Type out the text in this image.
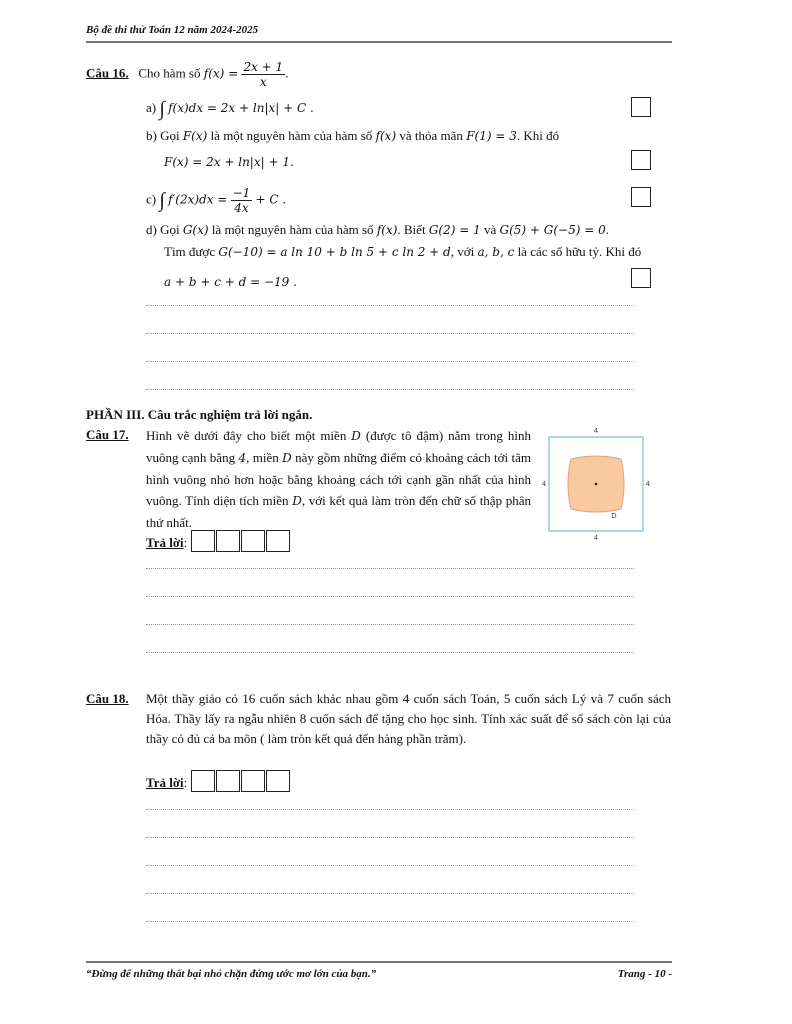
Bộ đề thi thử Toán 12 năm 2024-2025
Câu 16. Cho hàm số $f(x) = \frac{2x + 1}{x}$ .
a) ∫ f(x)dx = 2x + ln|x| + C .
b) Gọi F(x) là một nguyên hàm của hàm số f(x) và thỏa mãn F(1) = 3. Khi đó
F(x) = 2x + ln|x| + 1.
c) ∫ $f'(2x)dx = \frac{-1}{4x} + C$ .
d) Gọi G(x) là một nguyên hàm của hàm số f(x). Biết G(2) = 1 và G(5) + G(−5) = 0.
Tìm được G(−10) = a ln 10 + b ln 5 + c ln 2 + d, với a, b, c là các số hữu tỷ. Khi đó
a + b + c + d = −19 .
PHẦN III. Câu trắc nghiệm trả lời ngắn.
Câu 17. Hình vẽ dưới đây cho biết một miền D (được tô đậm) nằm trong hình vuông cạnh bằng 4, miền D này gồm những điểm có khoảng cách tới tâm hình vuông nhỏ hơn hoặc bằng khoảng cách tới cạnh gần nhất của hình vuông. Tính diện tích miền D, với kết quả làm tròn đến chữ số thập phân thứ nhất.
4
4	4
D
4
Trả lời:
Câu 18. Một thầy giáo có 16 cuốn sách khác nhau gồm 4 cuốn sách Toán, 5 cuốn sách Lý và 7 cuốn sách Hóa. Thầy lấy ra ngẫu nhiên 8 cuốn sách để tặng cho học sinh. Tính xác suất để số sách còn lại của thầy có đủ cả ba môn ( làm tròn kết quả đến hàng phần trăm).
Trả lời:
“Đừng để những thất bại nhỏ chặn đứng ước mơ lớn của bạn.”	Trang - 10 -
